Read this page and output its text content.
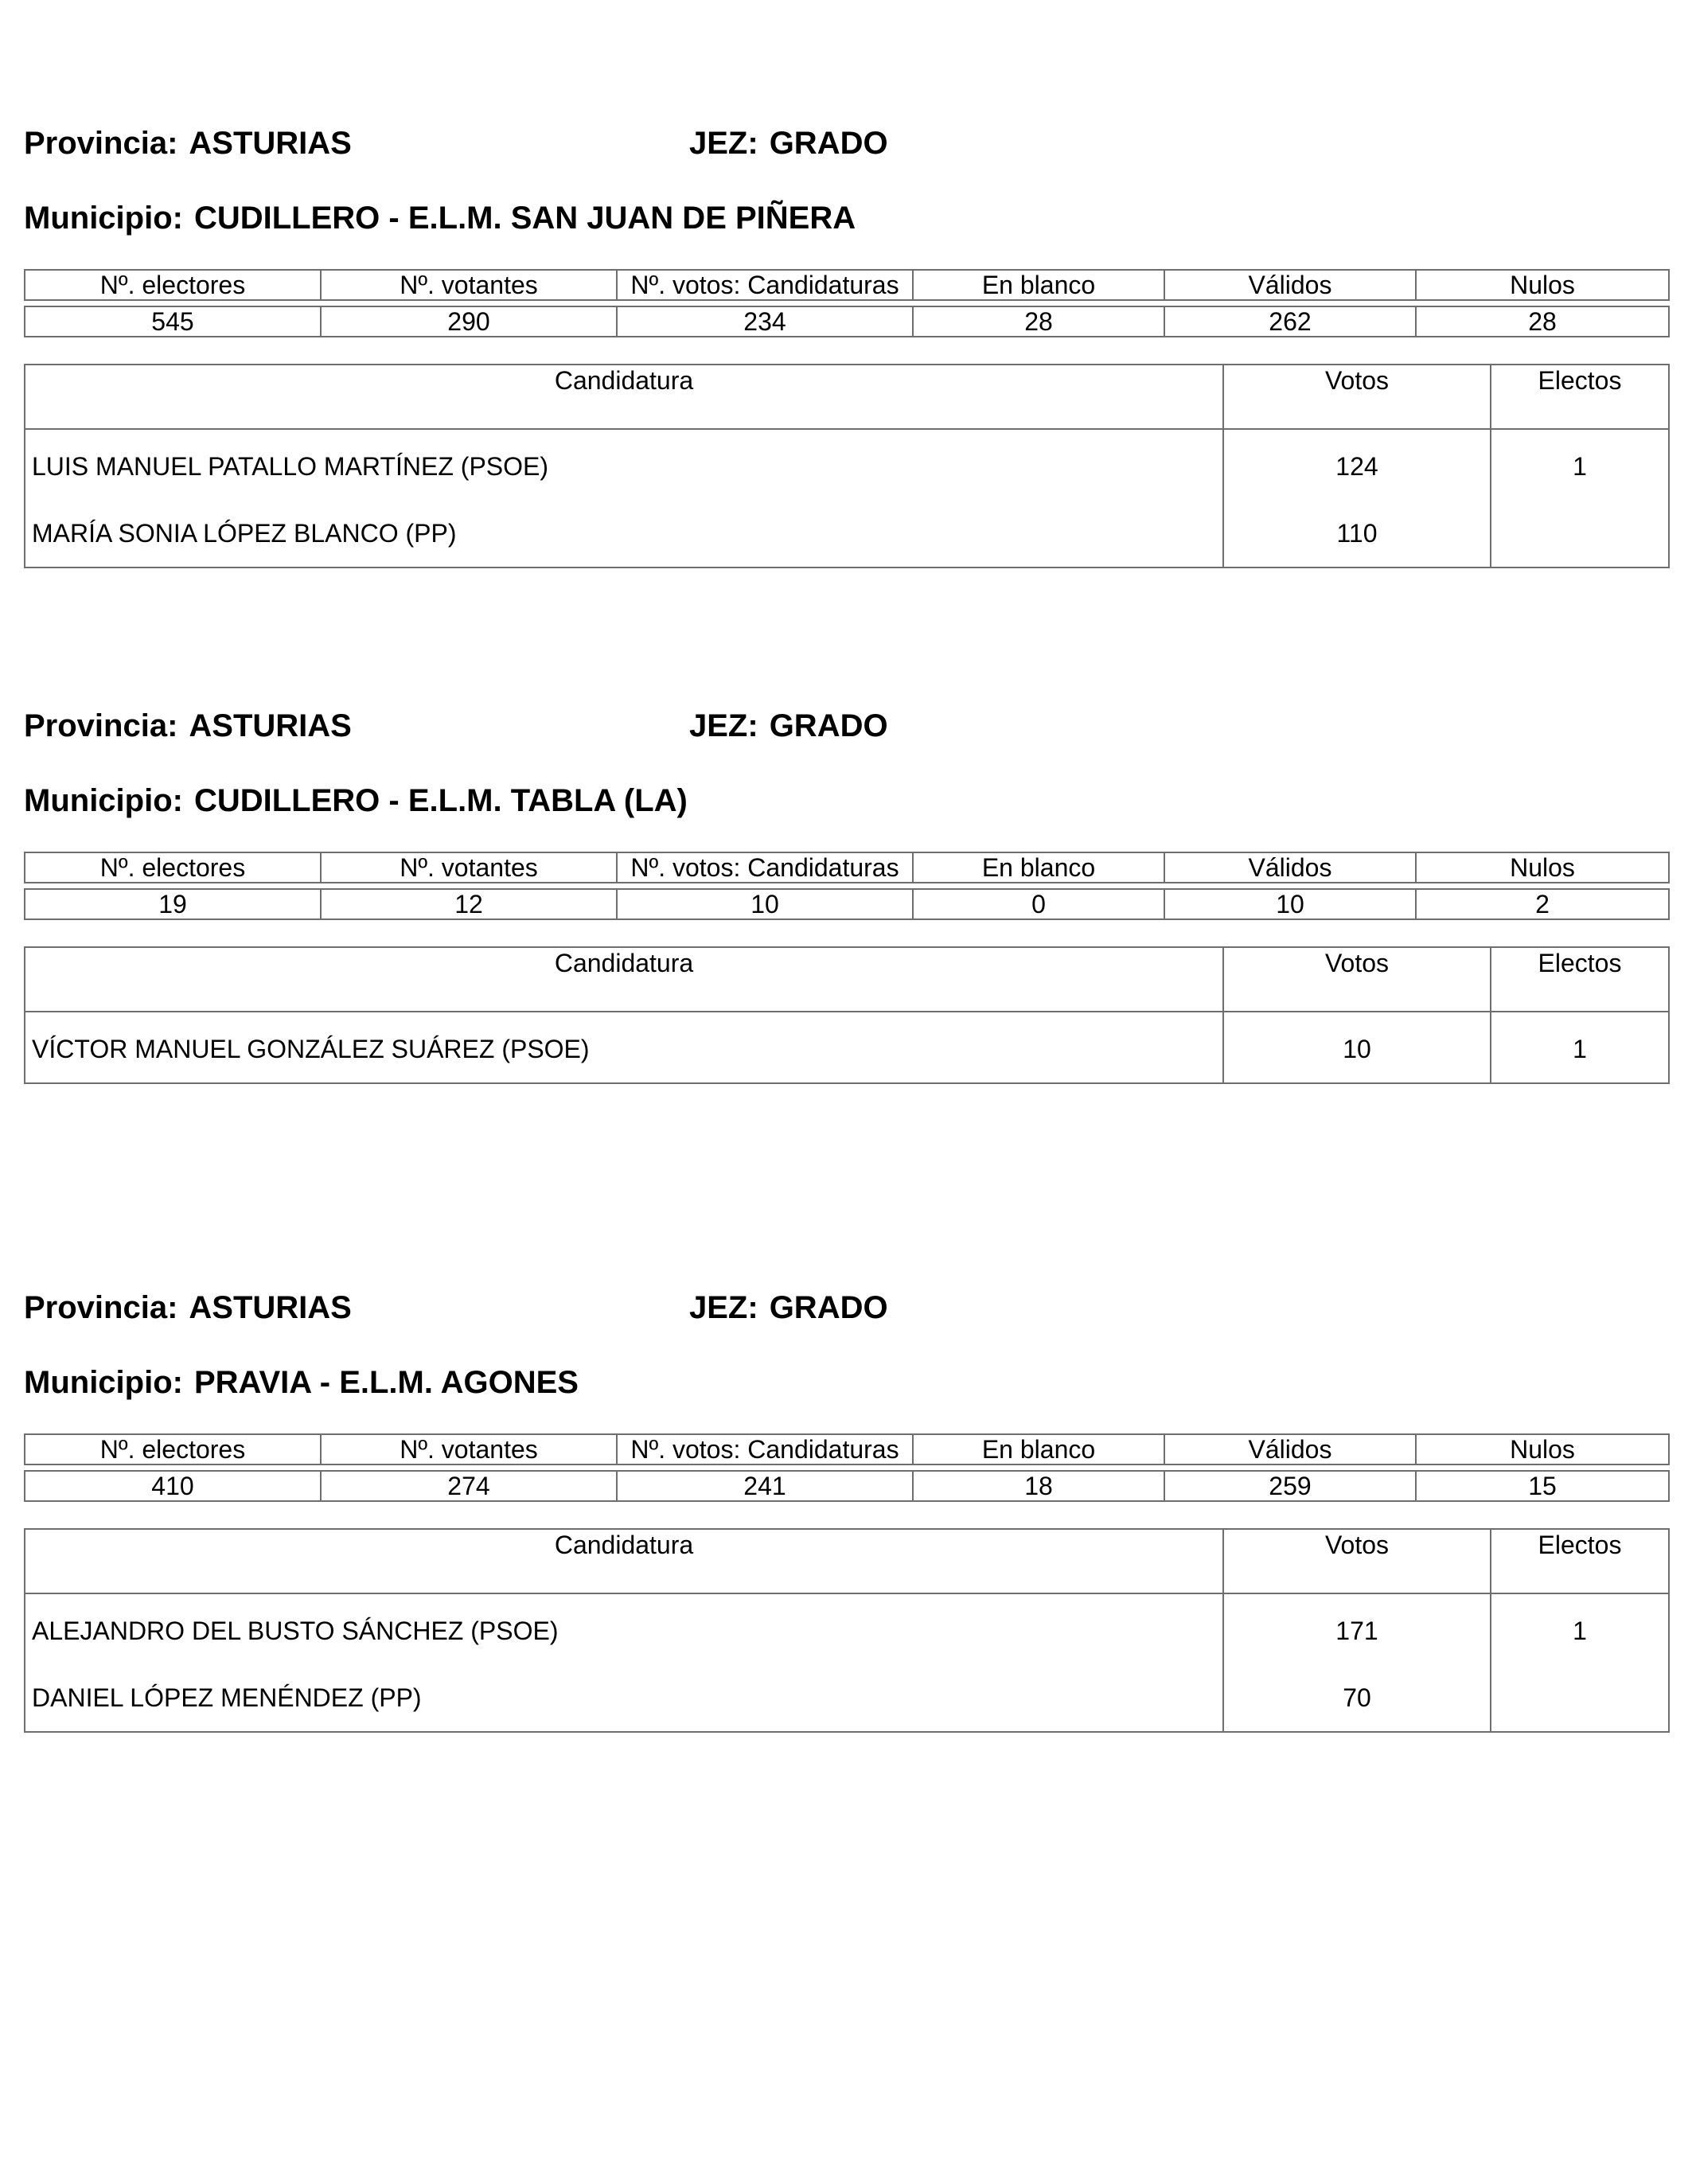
Provincia: ASTURIAS	JEZ: GRADO
Municipio: CUDILLERO - E.L.M. SAN JUAN DE PIÑERA
Nº. electores	Nº. votantes	Nº. votos: Candidaturas	En blanco	Válidos	Nulos

545	290	234	28	262	28
Candidatura	Votos	Electos
LUIS MANUEL PATALLO MARTÍNEZ (PSOE)	124	1
MARÍA SONIA LÓPEZ BLANCO (PP)	110	
Provincia: ASTURIAS	JEZ: GRADO
Municipio: CUDILLERO - E.L.M. TABLA (LA)
Nº. electores	Nº. votantes	Nº. votos: Candidaturas	En blanco	Válidos	Nulos

19	12	10	0	10	2
Candidatura	Votos	Electos
VÍCTOR MANUEL GONZÁLEZ SUÁREZ (PSOE)	10	1
Provincia: ASTURIAS	JEZ: GRADO
Municipio: PRAVIA - E.L.M. AGONES
Nº. electores	Nº. votantes	Nº. votos: Candidaturas	En blanco	Válidos	Nulos

410	274	241	18	259	15
Candidatura	Votos	Electos
ALEJANDRO DEL BUSTO SÁNCHEZ (PSOE)	171	1
DANIEL LÓPEZ MENÉNDEZ (PP)	70	
